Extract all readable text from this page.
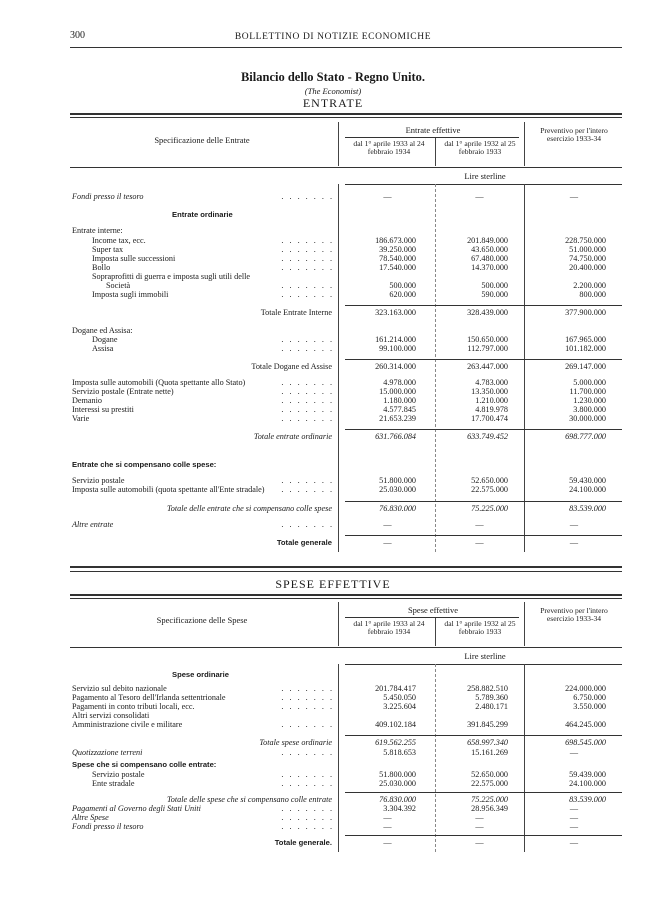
300	BOLLETTINO DI NOTIZIE ECONOMICHE
Bilancio dello Stato - Regno Unito.
(The Economist)
ENTRATE
Specificazione delle Entrate
Entrate effettive
dal 1° aprile 1933 al 24 febbraio 1934
dal 1° aprile 1932 al 25 febbraio 1933
Preventivo per l'intero esercizio 1933-34
Lire sterline
Fondi presso il tesoro	. . . . . . .	—	—	—
Entrate ordinarie
Entrate interne:
Income tax, ecc.	. . . . . . .	186.673.000	201.849.000	228.750.000
Super tax	. . . . . . .	39.250.000	43.650.000	51.000.000
Imposta sulle successioni	. . . . . . .	78.540.000	67.480.000	74.750.000
Bollo	. . . . . . .	17.540.000	14.370.000	20.400.000
Sopraprofitti di guerra e imposta sugli utili delle
Società	. . . . . . .	500.000	500.000	2.200.000
Imposta sugli immobili	. . . . . . .	620.000	590.000	800.000
Totale Entrate Interne	323.163.000	328.439.000	377.900.000
Dogane ed Assisa:
Dogane	. . . . . . .	161.214.000	150.650.000	167.965.000
Assisa	. . . . . . .	99.100.000	112.797.000	101.182.000
Totale Dogane ed Assise	260.314.000	263.447.000	269.147.000
Imposta sulle automobili (Quota spettante allo Stato)	. . . . . . .	4.978.000	4.783.000	5.000.000
Servizio postale (Entrate nette)	. . . . . . .	15.000.000	13.350.000	11.700.000
Demanio	. . . . . . .	1.180.000	1.210.000	1.230.000
Interessi su prestiti	. . . . . . .	4.577.845	4.819.978	3.800.000
Varie	. . . . . . .	21.653.239	17.700.474	30.000.000
Totale entrate ordinarie	631.766.084	633.749.452	698.777.000
Entrate che si compensano colle spese:
Servizio postale	. . . . . . .	51.800.000	52.650.000	59.430.000
Imposta sulle automobili (quota spettante all'Ente stradale) . . . . . . .	25.030.000	22.575.000	24.100.000
Totale delle entrate che si compensano colle spese	76.830.000	75.225.000	83.539.000
Altre entrate	. . . . . . .	—	—	—
Totale generale	—	—	—
SPESE EFFETTIVE
Specificazione delle Spese
Spese effettive
dal 1° aprile 1933 al 24 febbraio 1934
dal 1° aprile 1932 al 25 febbraio 1933
Preventivo per l'intero esercizio 1933-34
Lire sterline
Spese ordinarie
Servizio sul debito nazionale	. . . . . . .	201.784.417	258.882.510	224.000.000
Pagamento al Tesoro dell'Irlanda settentrionale	. . . . . . .	5.450.050	5.789.360	6.750.000
Pagamenti in conto tributi locali, ecc.	. . . . . . .	3.225.604	2.480.171	3.550.000
Altri servizi consolidati
Amministrazione civile e militare	. . . . . . .	409.102.184	391.845.299	464.245.000
Totale spese ordinarie	619.562.255	658.997.340	698.545.000
Quotizzazione terreni	. . . . . . .	5.818.653	15.161.269	—
Spese che si compensano colle entrate:
Servizio postale	. . . . . . .	51.800.000	52.650.000	59.439.000
Ente stradale	. . . . . . .	25.030.000	22.575.000	24.100.000
Totale delle spese che si compensano colle entrate	76.830.000	75.225.000	83.539.000
Pagamenti al Governo degli Stati Uniti	. . . . . . .	3.304.392	28.956.349	—
Altre Spese	. . . . . . .	—	—	—
Fondi presso il tesoro	. . . . . . .	—	—	—
Totale generale.	—	—	—
